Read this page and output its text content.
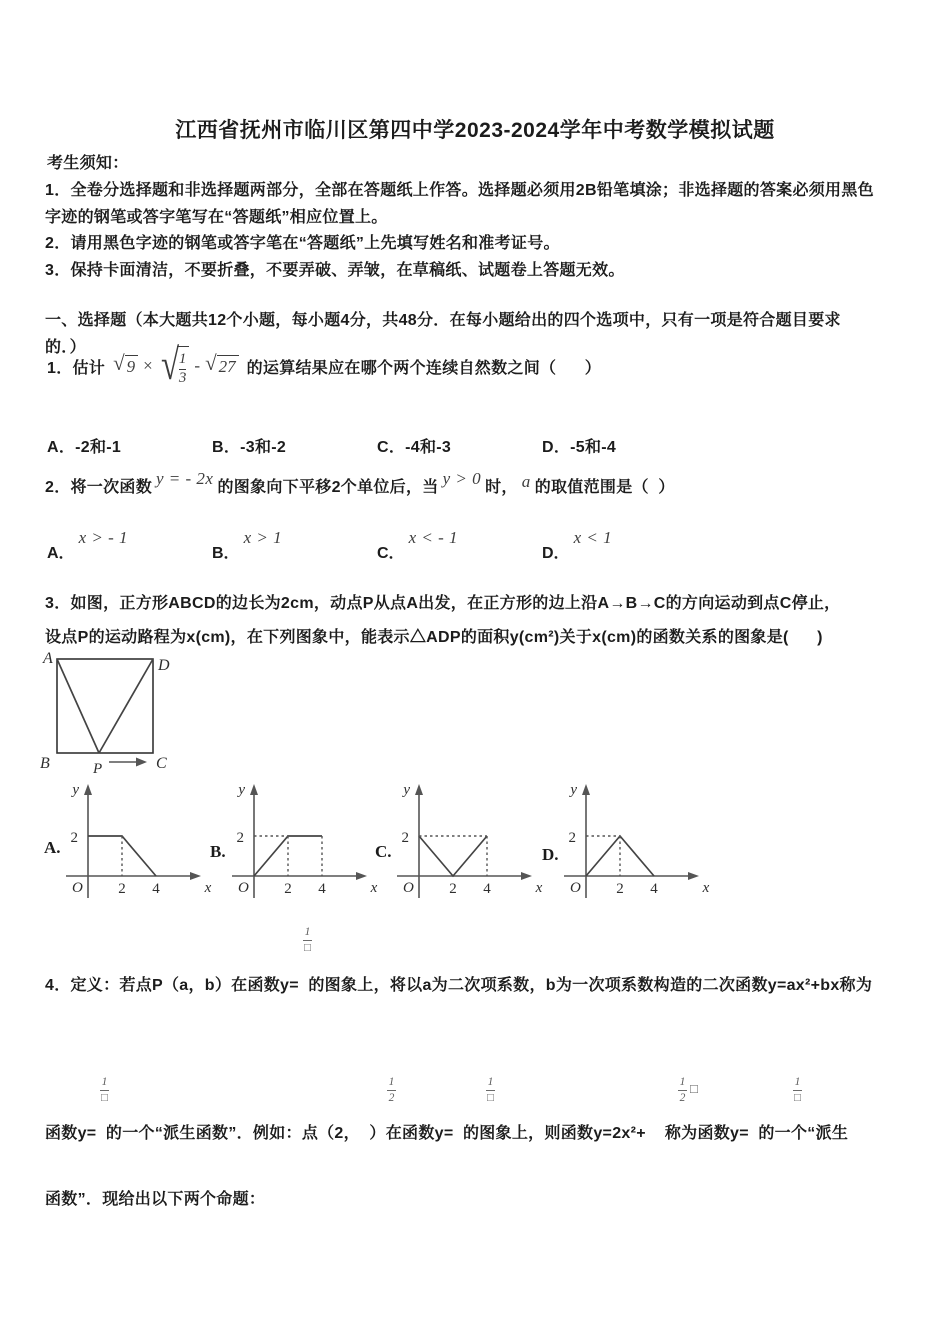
江西省抚州市临川区第四中学2023-2024学年中考数学模拟试题
考生须知：
1．全卷分选择题和非选择题两部分，全部在答题纸上作答。选择题必须用2B铅笔填涂；非选择题的答案必须用黑色
字迹的钢笔或答字笔写在“答题纸”相应位置上。
2．请用黑色字迹的钢笔或答字笔在“答题纸”上先填写姓名和准考证号。
3．保持卡面清洁，不要折叠，不要弄破、弄皱，在草稿纸、试题卷上答题无效。
一、选择题（本大题共12个小题，每小题4分，共48分．在每小题给出的四个选项中，只有一项是符合题目要求
的．）
1．估计 √ 9 × √ $\frac{1}{3}$ - √ 27 的运算结果应在哪个两个连续自然数之间（      ）
A．-2和-1	B．-3和-2	C．-4和-3	D．-5和-4
2．将一次函数 y = - 2x 的图象向下平移2个单位后，当 y > 0 时， a 的取值范围是（  ）
A．
x > - 1
B．
x > 1
C．
x < - 1
D．
x < 1
3．如图，正方形ABCD的边长为2cm，动点P从点A出发，在正方形的边上沿A→B→C的方向运动到点C停止，
设点P的运动路程为x(cm)，在下列图象中，能表示△ADP的面积y(cm²)关于x(cm)的函数关系的图象是(      )
A	D
B	C
P
A.	B.	C.	D.
O
y
x
2
2 4	O
y
x
2
2 4	O
y
x
2
2 4	O
y
x
2
2 4
1
□
4．定义：若点P（a，b）在函数y=  的图象上，将以a为二次项系数，b为一次项系数构造的二次函数y=ax²+bx称为
1
□
1
2
1
□
1
2
□	1
□
函数y=  的一个“派生函数”．例如：点（2，  ）在函数y=  的图象上，则函数y=2x²+    称为函数y=  的一个“派生
函数”．现给出以下两个命题：
